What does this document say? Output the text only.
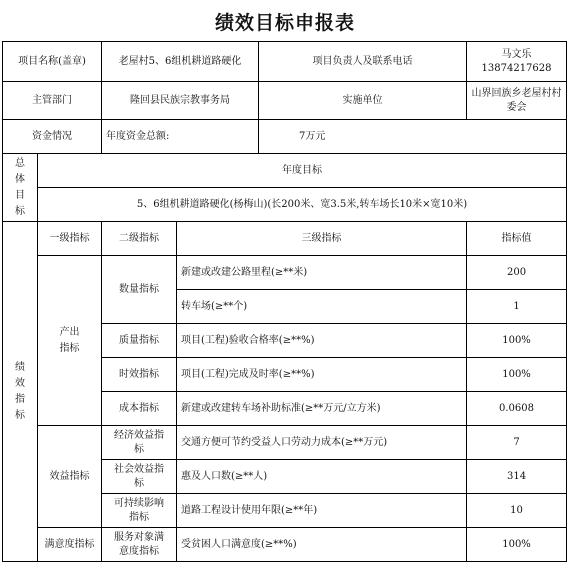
绩效目标申报表
项目名称(盖章)		老屋村5、6组机耕道路硬化		项目负责人及联系电话	马文乐 13874217628
主管部门		隆回县民族宗教事务局		实施单位	山界回族乡老屋村村委会
资金情况		年度资金总额:		7万元	
总体目标	年度目标				
	5、6组机耕道路硬化(杨梅山)(长200米、宽3.5米,转车场长10米×宽10米)				
绩效指标	一级指标	二级指标	三级指标		指标值
	产出指标	数量指标	新建或改建公路里程(≥**米)		200
			转车场(≥**个)		1
		质量指标	项目(工程)验收合格率(≥**%)		100%
		时效指标	项目(工程)完成及时率(≥**%)		100%
		成本指标	新建或改建转车场补助标准(≥**万元/立方米)		0.0608
	效益指标	经济效益指标	交通方便可节约受益人口劳动力成本(≥**万元)		7
		社会效益指标	惠及人口数(≥**人)		314
		可持续影响指标	道路工程设计使用年限(≥**年)		10
	满意度指标	服务对象满意度指标	受贫困人口满意度(≥**%)		100%
